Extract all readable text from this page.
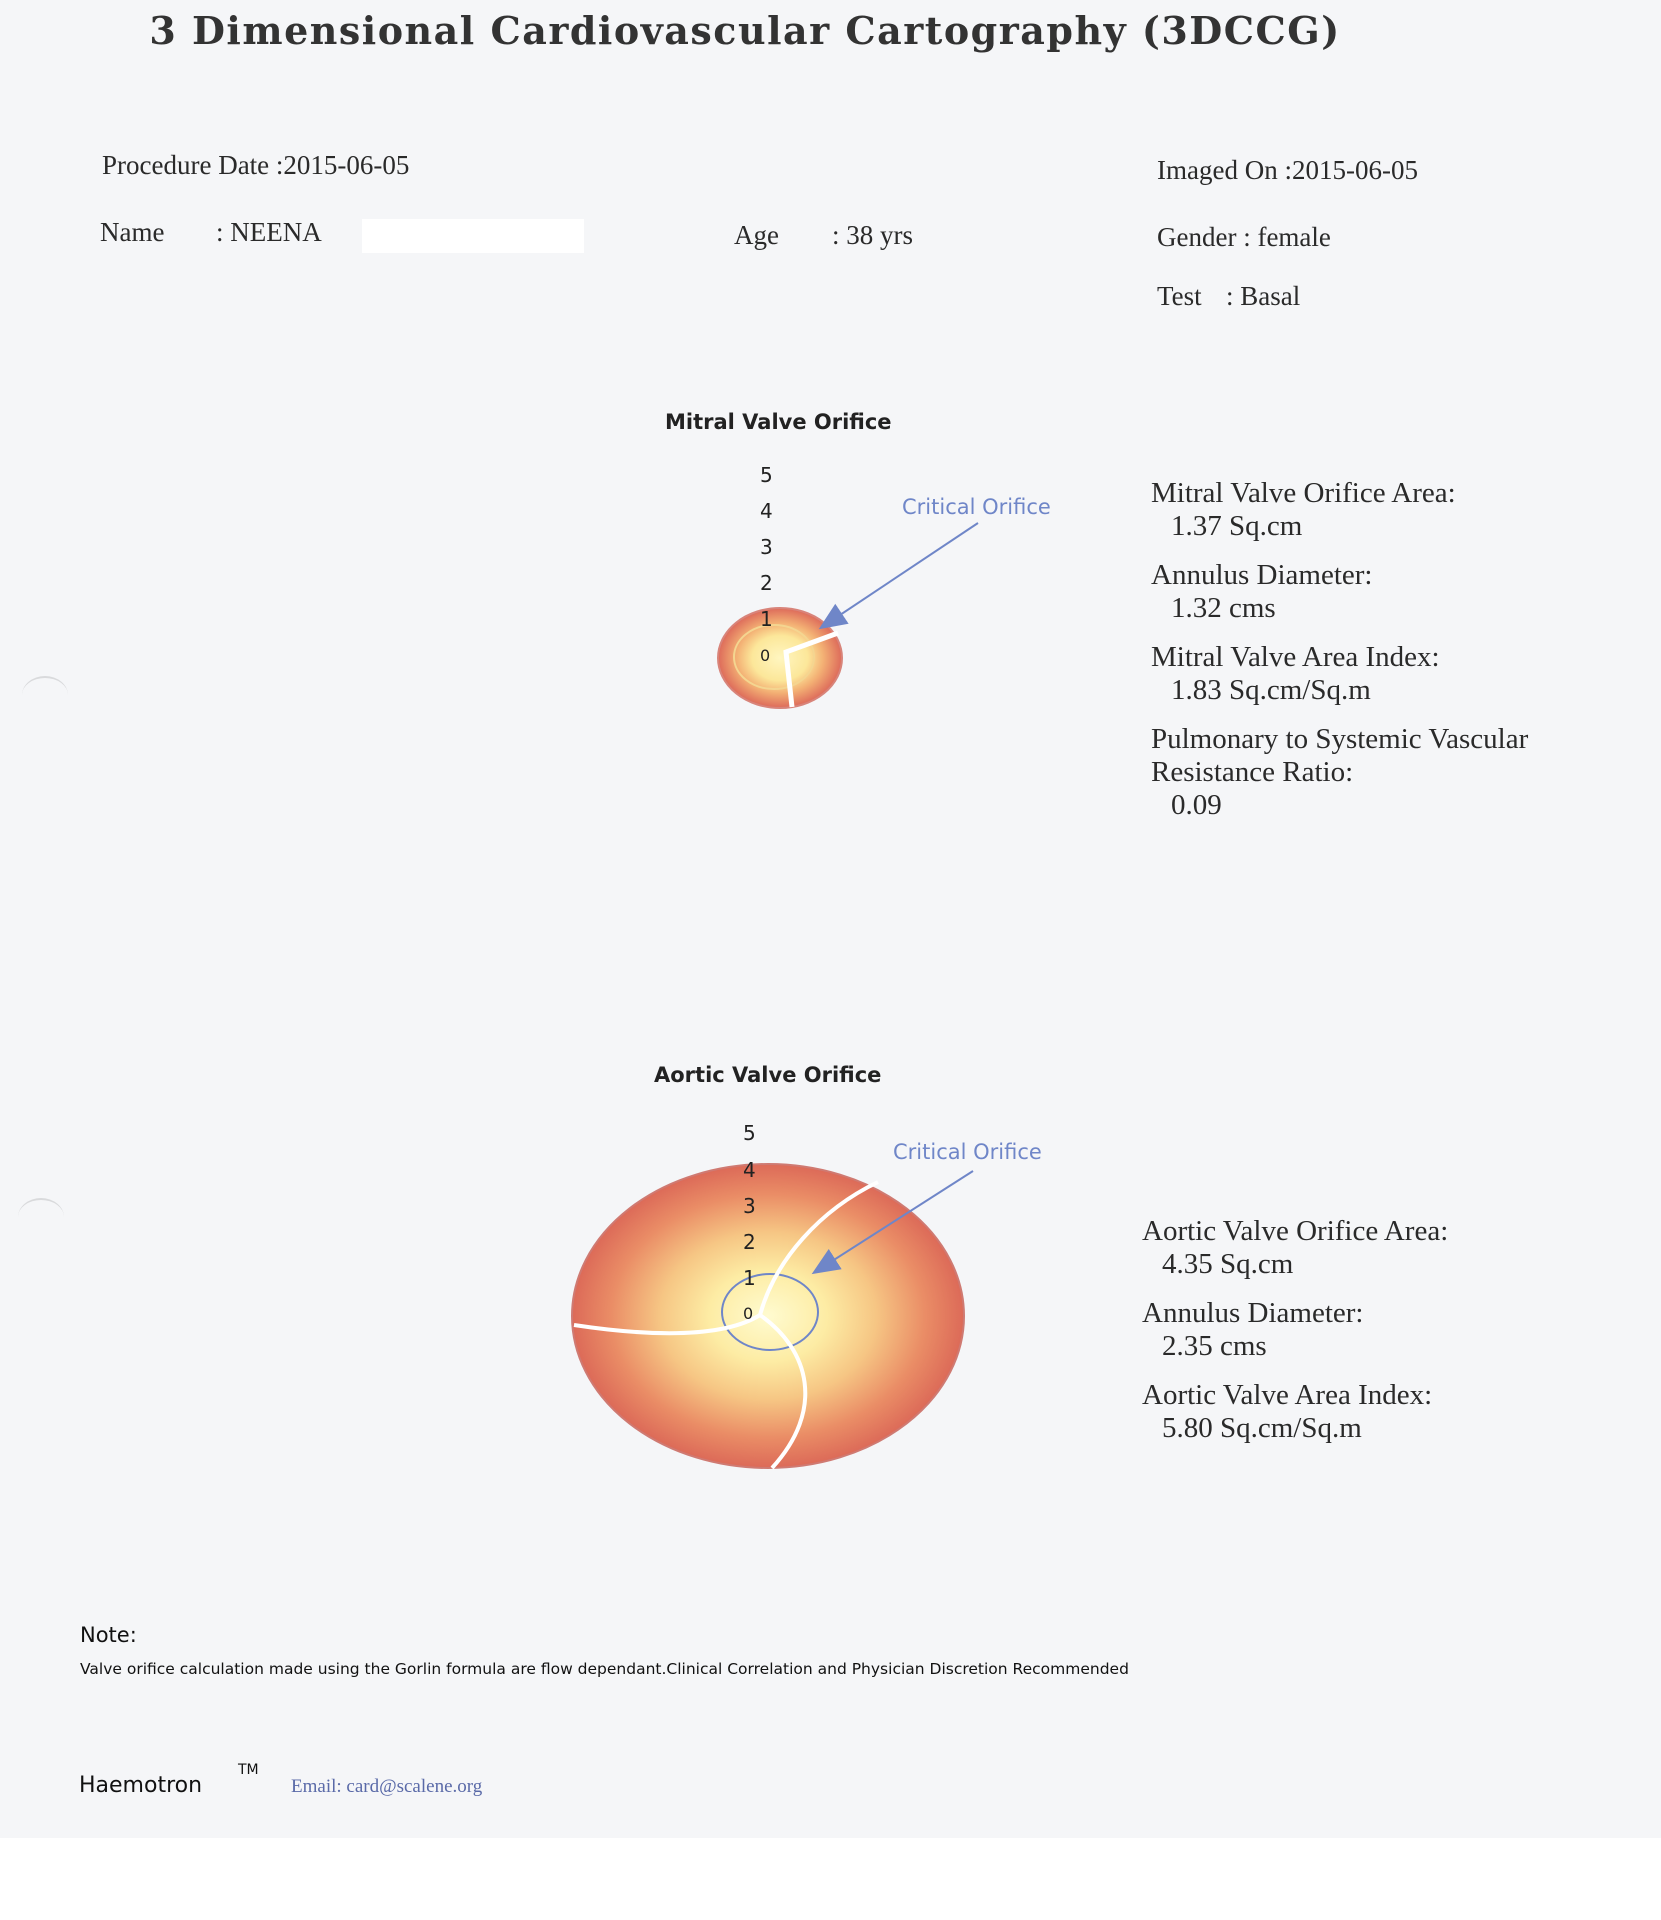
3 Dimensional Cardiovascular Cartography (3DCCG)
Procedure Date :2015-06-05	Imaged On :2015-06-05
Name : NEENA	Age : 38 yrs	Gender : female
Test : Basal
Mitral Valve Orifice
5
4
3
2
1
0
Critical Orifice	Mitral Valve Orifice Area:
1.37 Sq.cm
Annulus Diameter:
1.32 cms
Mitral Valve Area Index:
1.83 Sq.cm/Sq.m
Pulmonary to Systemic Vascular Resistance Ratio:
0.09
Aortic Valve Orifice
5
4
3
2
1
0
Critical Orifice
Aortic Valve Orifice Area:
4.35 Sq.cm
Annulus Diameter:
2.35 cms
Aortic Valve Area Index:
5.80 Sq.cm/Sq.m
Note:
Valve orifice calculation made using the Gorlin formula are flow dependant.Clinical Correlation and Physician Discretion Recommended
Haemotron
TM
Email: card@scalene.org
